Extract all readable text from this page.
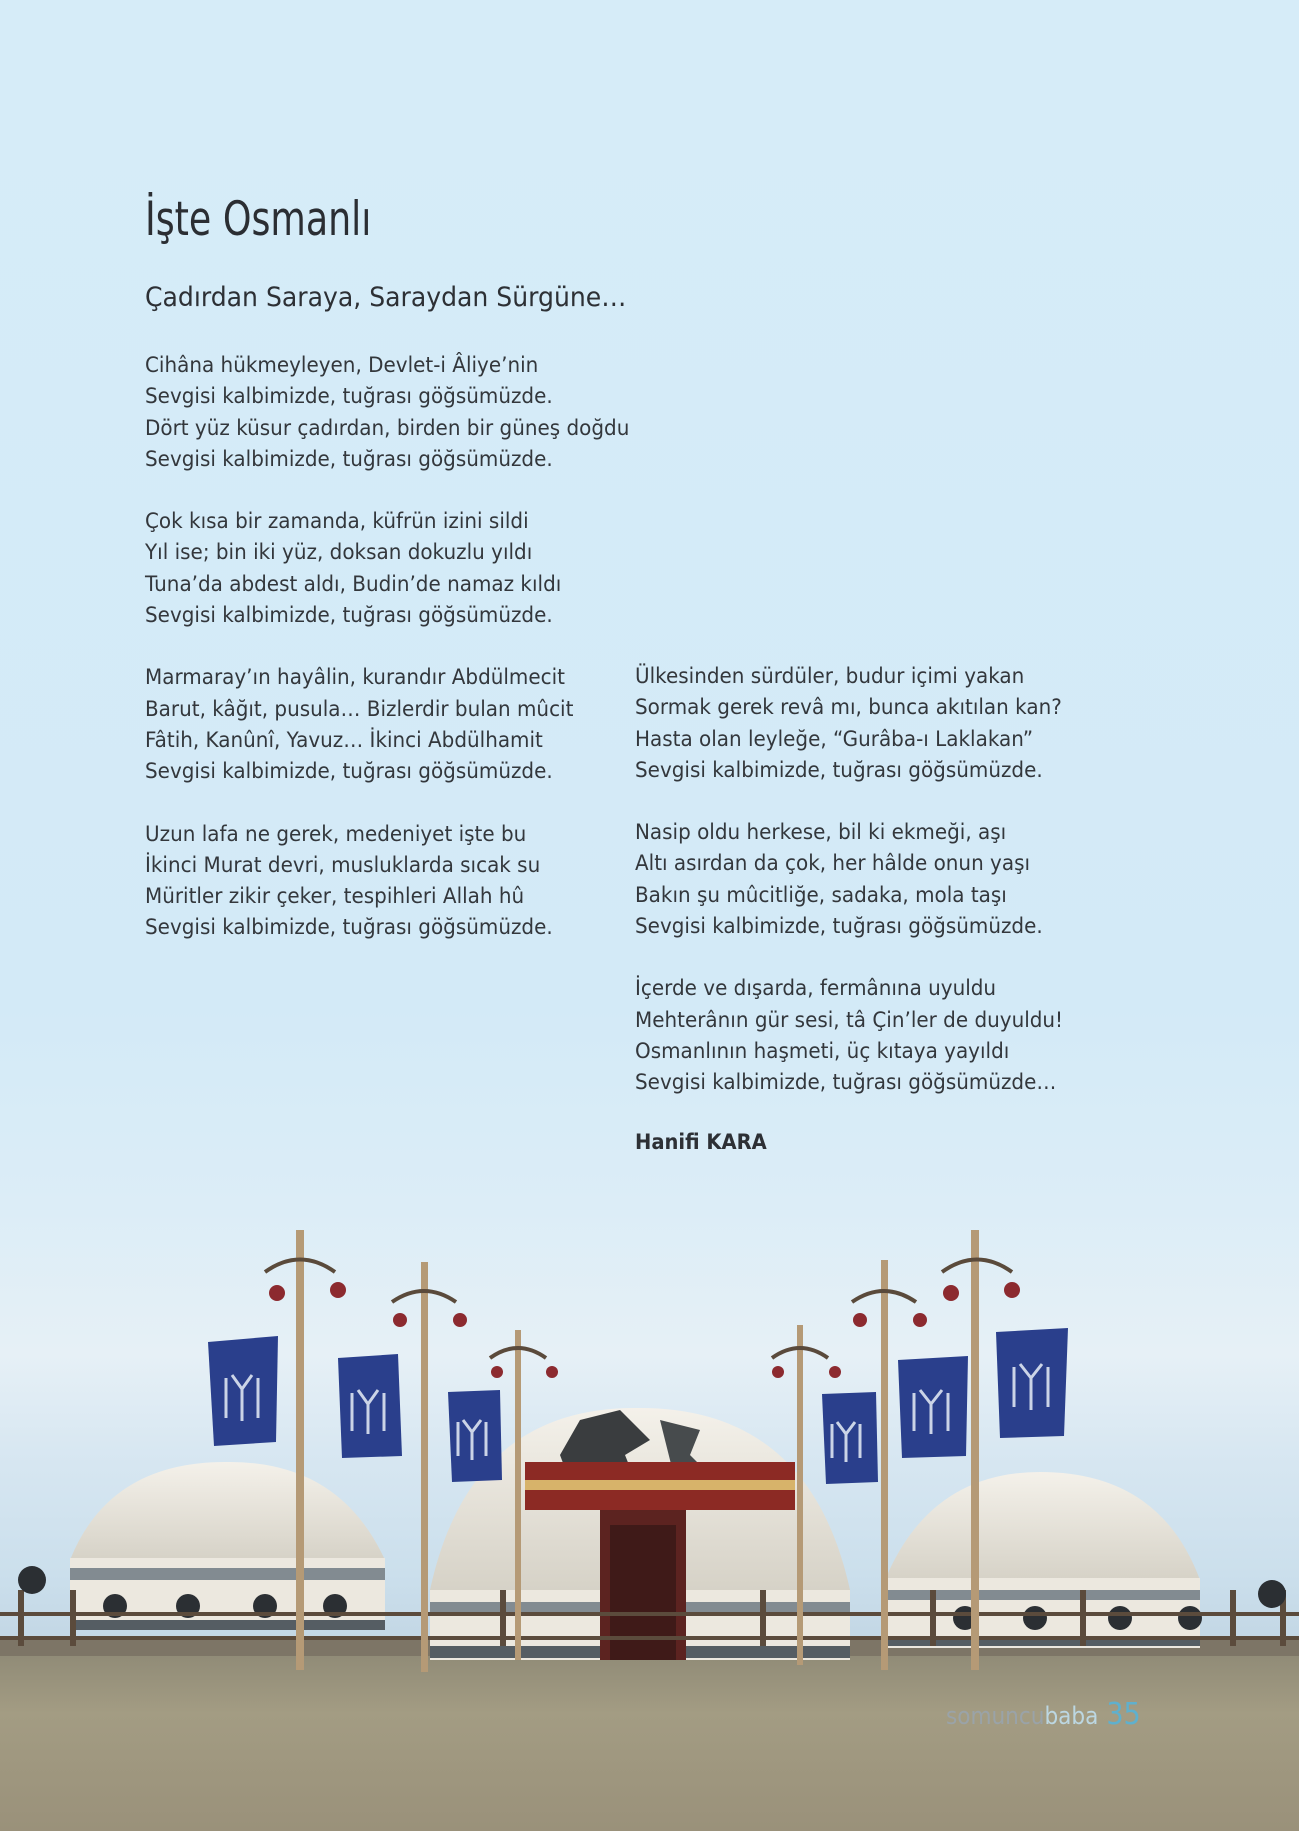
İşte Osmanlı
Çadırdan Saraya, Saraydan Sürgüne…

Cihâna hükmeyleyen, Devlet-i Âliye’nin
Sevgisi kalbimizde, tuğrası göğsümüzde.
Dört yüz küsur çadırdan, birden bir güneş doğdu
Sevgisi kalbimizde, tuğrası göğsümüzde.

Çok kısa bir zamanda, küfrün izini sildi
Yıl ise; bin iki yüz, doksan dokuzlu yıldı
Tuna’da abdest aldı, Budin’de namaz kıldı
Sevgisi kalbimizde, tuğrası göğsümüzde.

Marmaray’ın hayâlin, kurandır Abdülmecit
Barut, kâğıt, pusula… Bizlerdir bulan mûcit
Fâtih, Kanûnî, Yavuz… İkinci Abdülhamit
Sevgisi kalbimizde, tuğrası göğsümüzde.

Uzun lafa ne gerek, medeniyet işte bu
İkinci Murat devri, musluklarda sıcak su
Müritler zikir çeker, tespihleri Allah hû
Sevgisi kalbimizde, tuğrası göğsümüzde.

Ülkesinden sürdüler, budur içimi yakan
Sormak gerek revâ mı, bunca akıtılan kan?
Hasta olan leyleğe, “Gurâba-ı Laklakan”
Sevgisi kalbimizde, tuğrası göğsümüzde.

Nasip oldu herkese, bil ki ekmeği, aşı
Altı asırdan da çok, her hâlde onun yaşı
Bakın şu mûcitliğe, sadaka, mola taşı
Sevgisi kalbimizde, tuğrası göğsümüzde.

İçerde ve dışarda, fermânına uyuldu
Mehterânın gür sesi, tâ Çin’ler de duyuldu!
Osmanlının haşmeti, üç kıtaya yayıldı
Sevgisi kalbimizde, tuğrası göğsümüzde…

Hanifi KARA
somuncubaba 35
